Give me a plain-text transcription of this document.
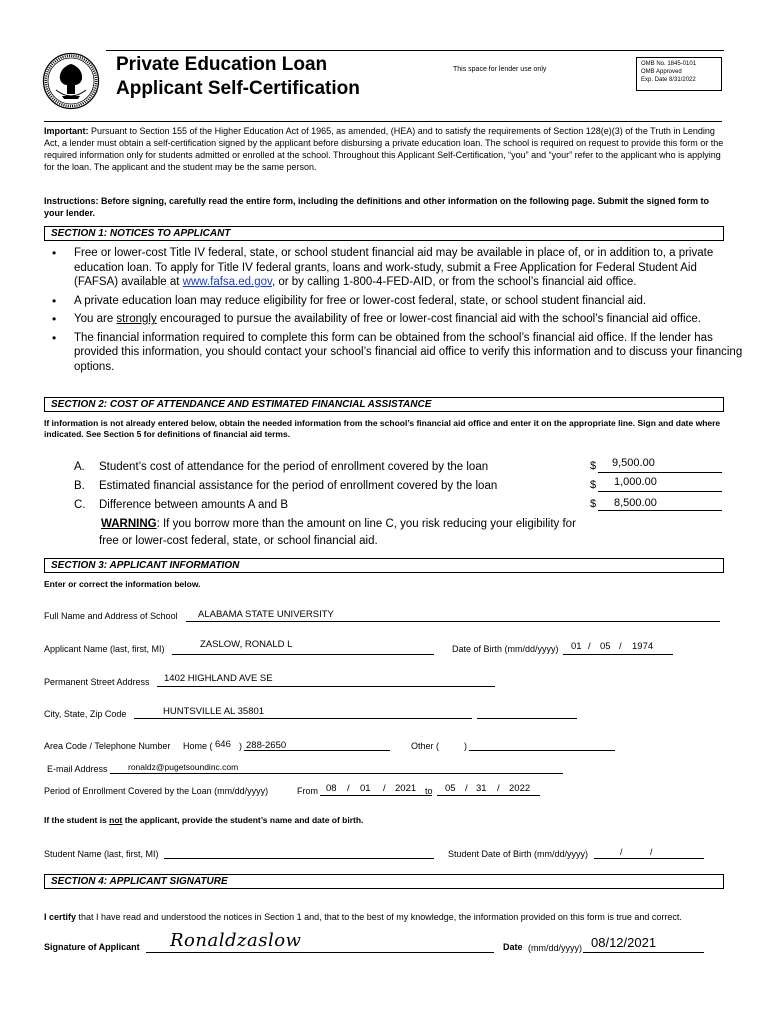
Private Education Loan
Applicant Self-Certification
This space for lender use only
OMB No. 1845-0101
OMB Approved
Exp. Date 8/31/2022
Important: Pursuant to Section 155 of the Higher Education Act of 1965, as amended, (HEA) and to satisfy the requirements of Section 128(e)(3) of the Truth in Lending Act, a lender must obtain a self-certification signed by the applicant before disbursing a private education loan. The school is required on request to provide this form or the required information only for students admitted or enrolled at the school. Throughout this Applicant Self-Certification, “you” and “your” refer to the applicant who is applying for the loan. The applicant and the student may be the same person.
Instructions: Before signing, carefully read the entire form, including the definitions and other information on the following page. Submit the signed form to your lender.
SECTION 1: NOTICES TO APPLICANT
• Free or lower-cost Title IV federal, state, or school student financial aid may be available in place of, or in addition to, a private education loan. To apply for Title IV federal grants, loans and work-study, submit a Free Application for Federal Student Aid (FAFSA) available at www.fafsa.ed.gov, or by calling 1-800-4-FED-AID, or from the school’s financial aid office.
• A private education loan may reduce eligibility for free or lower-cost federal, state, or school student financial aid.
• You are strongly encouraged to pursue the availability of free or lower-cost financial aid with the school’s financial aid office.
• The financial information required to complete this form can be obtained from the school’s financial aid office. If the lender has provided this information, you should contact your school’s financial aid office to verify this information and to discuss your financing options.
SECTION 2: COST OF ATTENDANCE AND ESTIMATED FINANCIAL ASSISTANCE
If information is not already entered below, obtain the needed information from the school’s financial aid office and enter it on the appropriate line. Sign and date where indicated. See Section 5 for definitions of financial aid terms.
A. Student’s cost of attendance for the period of enrollment covered by the loan	$ 9,500.00
B. Estimated financial assistance for the period of enrollment covered by the loan	$ 1,000.00
C. Difference between amounts A and B	$ 8,500.00
WARNING: If you borrow more than the amount on line C, you risk reducing your eligibility for
free or lower-cost federal, state, or school financial aid.
SECTION 3: APPLICANT INFORMATION
Enter or correct the information below.
Full Name and Address of School ALABAMA STATE UNIVERSITY
Applicant Name (last, first, MI)	ZASLOW, RONALD L	Date of Birth (mm/dd/yyyy) 01 / 05 / 1974
Permanent Street Address 1402 HIGHLAND AVE SE
City, State, Zip Code	HUNTSVILLE AL 35801
Area Code / Telephone Number Home ( 646 ) 288-2650	Other (	)
E-mail Address ronaldz@pugetsoundinc.com
Period of Enrollment Covered by the Loan (mm/dd/yyyy)	From 08 / 01 / 2021 to 05 / 31 / 2022
If the student is not the applicant, provide the student’s name and date of birth.
Student Name (last, first, MI)	Student Date of Birth (mm/dd/yyyy)	/	/
SECTION 4: APPLICANT SIGNATURE
I certify that I have read and understood the notices in Section 1 and, that to the best of my knowledge, the information provided on this form is true and correct.
Signature of Applicant Ronaldzaslow	Date (mm/dd/yyyy) 08/12/2021
